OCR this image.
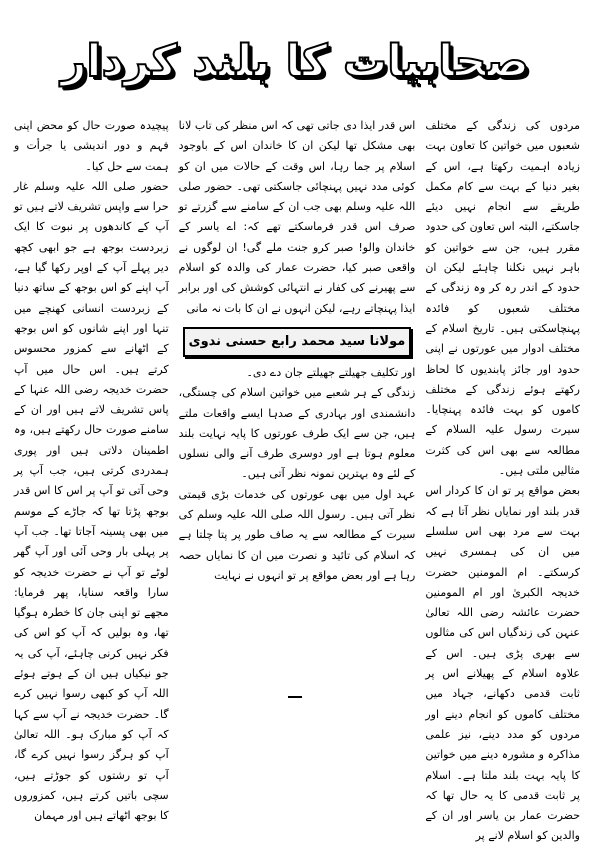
صحابیات کا بلند کردار

مردوں کی زندگی کے مختلف شعبوں میں خواتین کا تعاون بہت زیادہ اہمیت رکھتا ہے، اس کے بغیر دنیا کے بہت سے کام مکمل طریقے سے انجام نہیں دیئے جاسکتے، البتہ اس تعاون کی حدود مقرر ہیں، جن سے خواتین کو باہر نہیں نکلنا چاہئے لیکن ان حدود کے اندر رہ کر وہ زندگی کے مختلف شعبوں کو فائدہ پہنچاسکتی ہیں۔ تاریخ اسلام کے مختلف ادوار میں عورتوں نے اپنی حدود اور جائز پابندیوں کا لحاظ رکھتے ہوئے زندگی کے مختلف کاموں کو بہت فائدہ پہنچایا۔ سیرت رسول علیہ السلام کے مطالعہ سے بھی اس کی کثرت مثالیں ملتی ہیں۔

بعض مواقع پر تو ان کا کردار اس قدر بلند اور نمایاں نظر آتا ہے کہ بہت سے مرد بھی اس سلسلے میں ان کی ہمسری نہیں کرسکتے۔ ام المومنین حضرت خدیجہ الکبریٰ اور ام المومنین حضرت عائشہ رضی اللہ تعالیٰ عنہن کی زندگیاں اس کی مثالوں سے بھری پڑی ہیں۔ اس کے علاوہ اسلام کے پھیلانے اس پر ثابت قدمی دکھانے، جہاد میں مختلف کاموں کو انجام دینے اور مردوں کو مدد دینے، نیز علمی مذاکرہ و مشورہ دینے میں خواتین کا پایہ بہت بلند ملتا ہے۔ اسلام پر ثابت قدمی کا یہ حال تھا کہ حضرت عمار بن یاسر اور ان کے والدین کو اسلام لانے پر

اس قدر ایذا دی جاتی تھی کہ اس منظر کی تاب لانا بھی مشکل تھا لیکن ان کا خاندان اس کے باوجود اسلام پر جما رہا، اس وقت کے حالات میں ان کو کوئی مدد نہیں پہنچائی جاسکتی تھی۔ حضور صلی اللہ علیہ وسلم بھی جب ان کے سامنے سے گزرتے تو صرف اس قدر فرماسکتے تھے کہ: اے یاسر کے خاندان والو! صبر کرو جنت ملے گی! ان لوگوں نے واقعی صبر کیا، حضرت عمار کی والدہ کو اسلام سے پھیرنے کی کفار نے انتہائی کوشش کی اور برابر ایذا پہنچاتے رہے، لیکن انہوں نے ان کا بات نہ مانی

مولانا سید محمد رابع حسنی ندوی

اور تکلیف جھیلتے جھیلتے جان دے دی۔

زندگی کے ہر شعبے میں خواتین اسلام کی چستگی، دانشمندی اور بہادری کے صدہا ایسے واقعات ملتے ہیں، جن سے ایک طرف عورتوں کا پایہ نہایت بلند معلوم ہوتا ہے اور دوسری طرف آنے والی نسلوں کے لئے وہ بہترین نمونہ نظر آتی ہیں۔

عہد اول میں بھی عورتوں کی خدمات بڑی قیمتی نظر آتی ہیں۔ رسول اللہ صلی اللہ علیہ وسلم کی سیرت کے مطالعہ سے یہ صاف طور پر پتا چلتا ہے کہ اسلام کی تائید و نصرت میں ان کا نمایاں حصہ رہا ہے اور بعض مواقع پر تو انہوں نے نہایت

پیچیدہ صورت حال کو محض اپنی فہم و دور اندیشی یا جرأت و ہمت سے حل کیا۔

حضور صلی اللہ علیہ وسلم غار حرا سے واپس تشریف لاتے ہیں تو آپ کے کاندھوں پر نبوت کا ایک زبردست بوجھ ہے جو ابھی کچھ دیر پہلے آپ کے اوپر رکھا گیا ہے، آپ اپنے کو اس بوجھ کے ساتھ دنیا کے زبردست انسانی کھنچے میں تنہا اور اپنے شانوں کو اس بوجھ کے اٹھانے سے کمزور محسوس کرتے ہیں۔ اس حال میں آپ حضرت خدیجہ رضی اللہ عنہا کے پاس تشریف لاتے ہیں اور ان کے سامنے صورت حال رکھتے ہیں، وہ اطمینان دلاتی ہیں اور پوری ہمدردی کرتی ہیں، جب آپ پر وحی آتی تو آپ پر اس کا اس قدر بوجھ پڑتا تھا کہ جاڑے کے موسم میں بھی پسینہ آجاتا تھا۔ جب آپ پر پہلی بار وحی آئی اور آپ گھر لوٹے تو آپ نے حضرت خدیجہ کو سارا واقعہ سنایا، پھر فرمایا: مجھے تو اپنی جان کا خطرہ ہوگیا تھا، وہ بولیں کہ آپ کو اس کی فکر نہیں کرنی چاہئے، آپ کی یہ جو نیکیاں ہیں ان کے ہوتے ہوئے اللہ آپ کو کبھی رسوا نہیں کرے گا۔ حضرت خدیجہ نے آپ سے کہا کہ آپ کو مبارک ہو۔ اللہ تعالیٰ آپ کو ہرگز رسوا نہیں کرے گا، آپ تو رشتوں کو جوڑتے ہیں، سچی باتیں کرتے ہیں، کمزوروں کا بوجھ اٹھاتے ہیں اور مہمان
